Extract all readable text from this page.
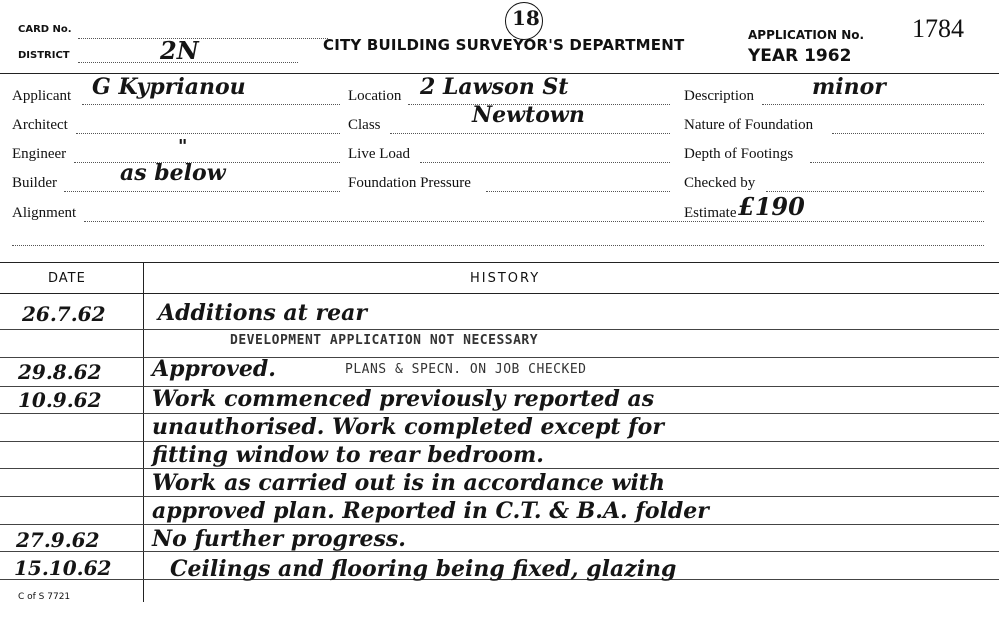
CARD No.
DISTRICT	2N
18
CITY BUILDING SURVEYOR'S DEPARTMENT
APPLICATION No. 1784
YEAR 1962
Applicant G Kyprianou
Architect
Engineer	"
Builder	as below
Alignment
Location 2 Lawson St
Class	Newtown
Live Load
Foundation Pressure
Description	minor
Nature of Foundation
Depth of Footings
Checked by
Estimate £190
DATE	HISTORY
26.7.62 Additions at rear
DEVELOPMENT APPLICATION NOT NECESSARY
29.8.62 Approved.	PLANS & SPECN. ON JOB CHECKED
10.9.62 Work commenced previously reported as
unauthorised. Work completed except for
fitting window to rear bedroom.
Work as carried out is in accordance with
approved plan. Reported in C.T. & B.A. folder
27.9.62 No further progress.
15.10.62	Ceilings and flooring being fixed, glazing
C of S 7721
